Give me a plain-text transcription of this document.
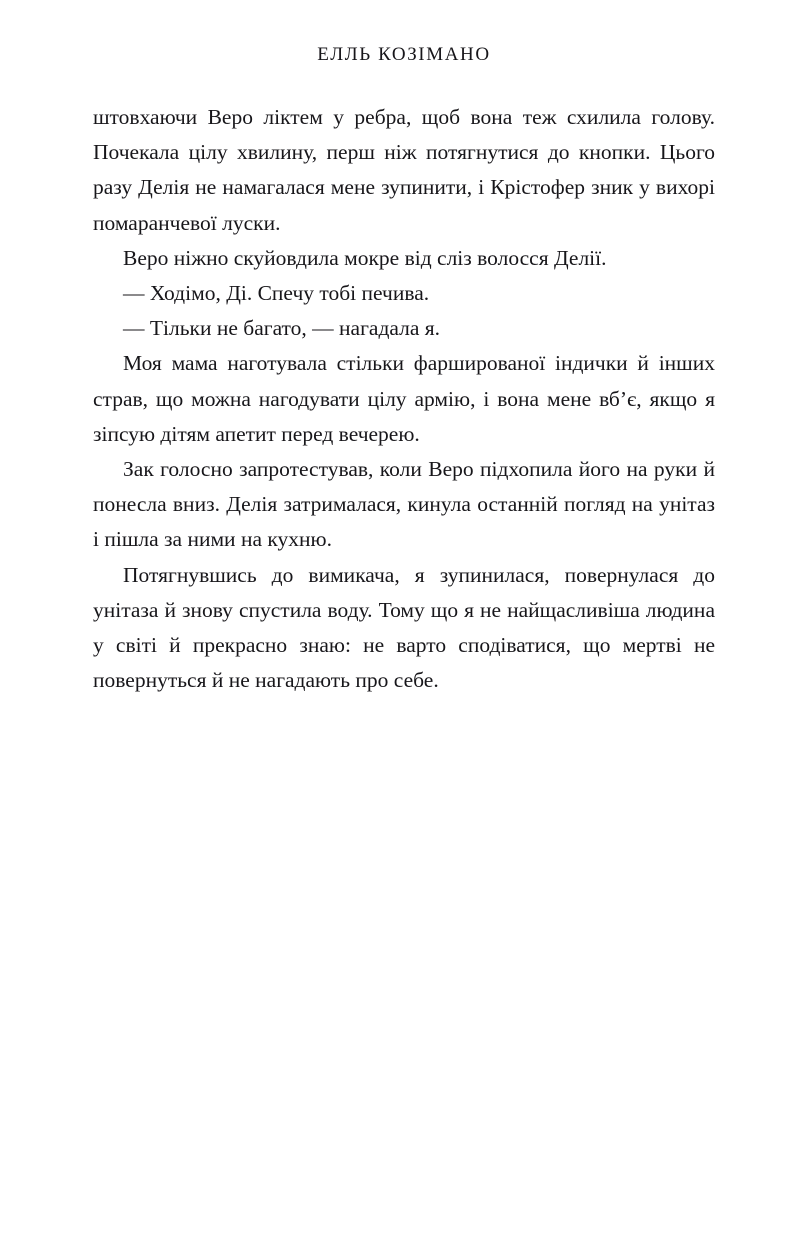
ЕЛЛЬ КОЗІМАНО

штовхаючи Веро ліктем у ребра, щоб вона теж схилила голову. Почекала цілу хвилину, перш ніж потягнутися до кнопки. Цього разу Делія не намагалася мене зупинити, і Крістофер зник у вихорі помаранчевої луски.

Веро ніжно скуйовдила мокре від сліз волосся Делії.

— Ходімо, Ді. Спечу тобі печива.

— Тільки не багато, — нагадала я.

Моя мама наготувала стільки фаршированої індички й інших страв, що можна нагодувати цілу армію, і вона мене вб’є, якщо я зіпсую дітям апетит перед вечерею.

Зак голосно запротестував, коли Веро підхопила його на руки й понесла вниз. Делія затрималася, кинула останній погляд на унітаз і пішла за ними на кухню.

Потягнувшись до вимикача, я зупинилася, повернулася до унітаза й знову спустила воду. Тому що я не найщасливіша людина у світі й прекрасно знаю: не варто сподіватися, що мертві не повернуться й не нагадають про себе.
